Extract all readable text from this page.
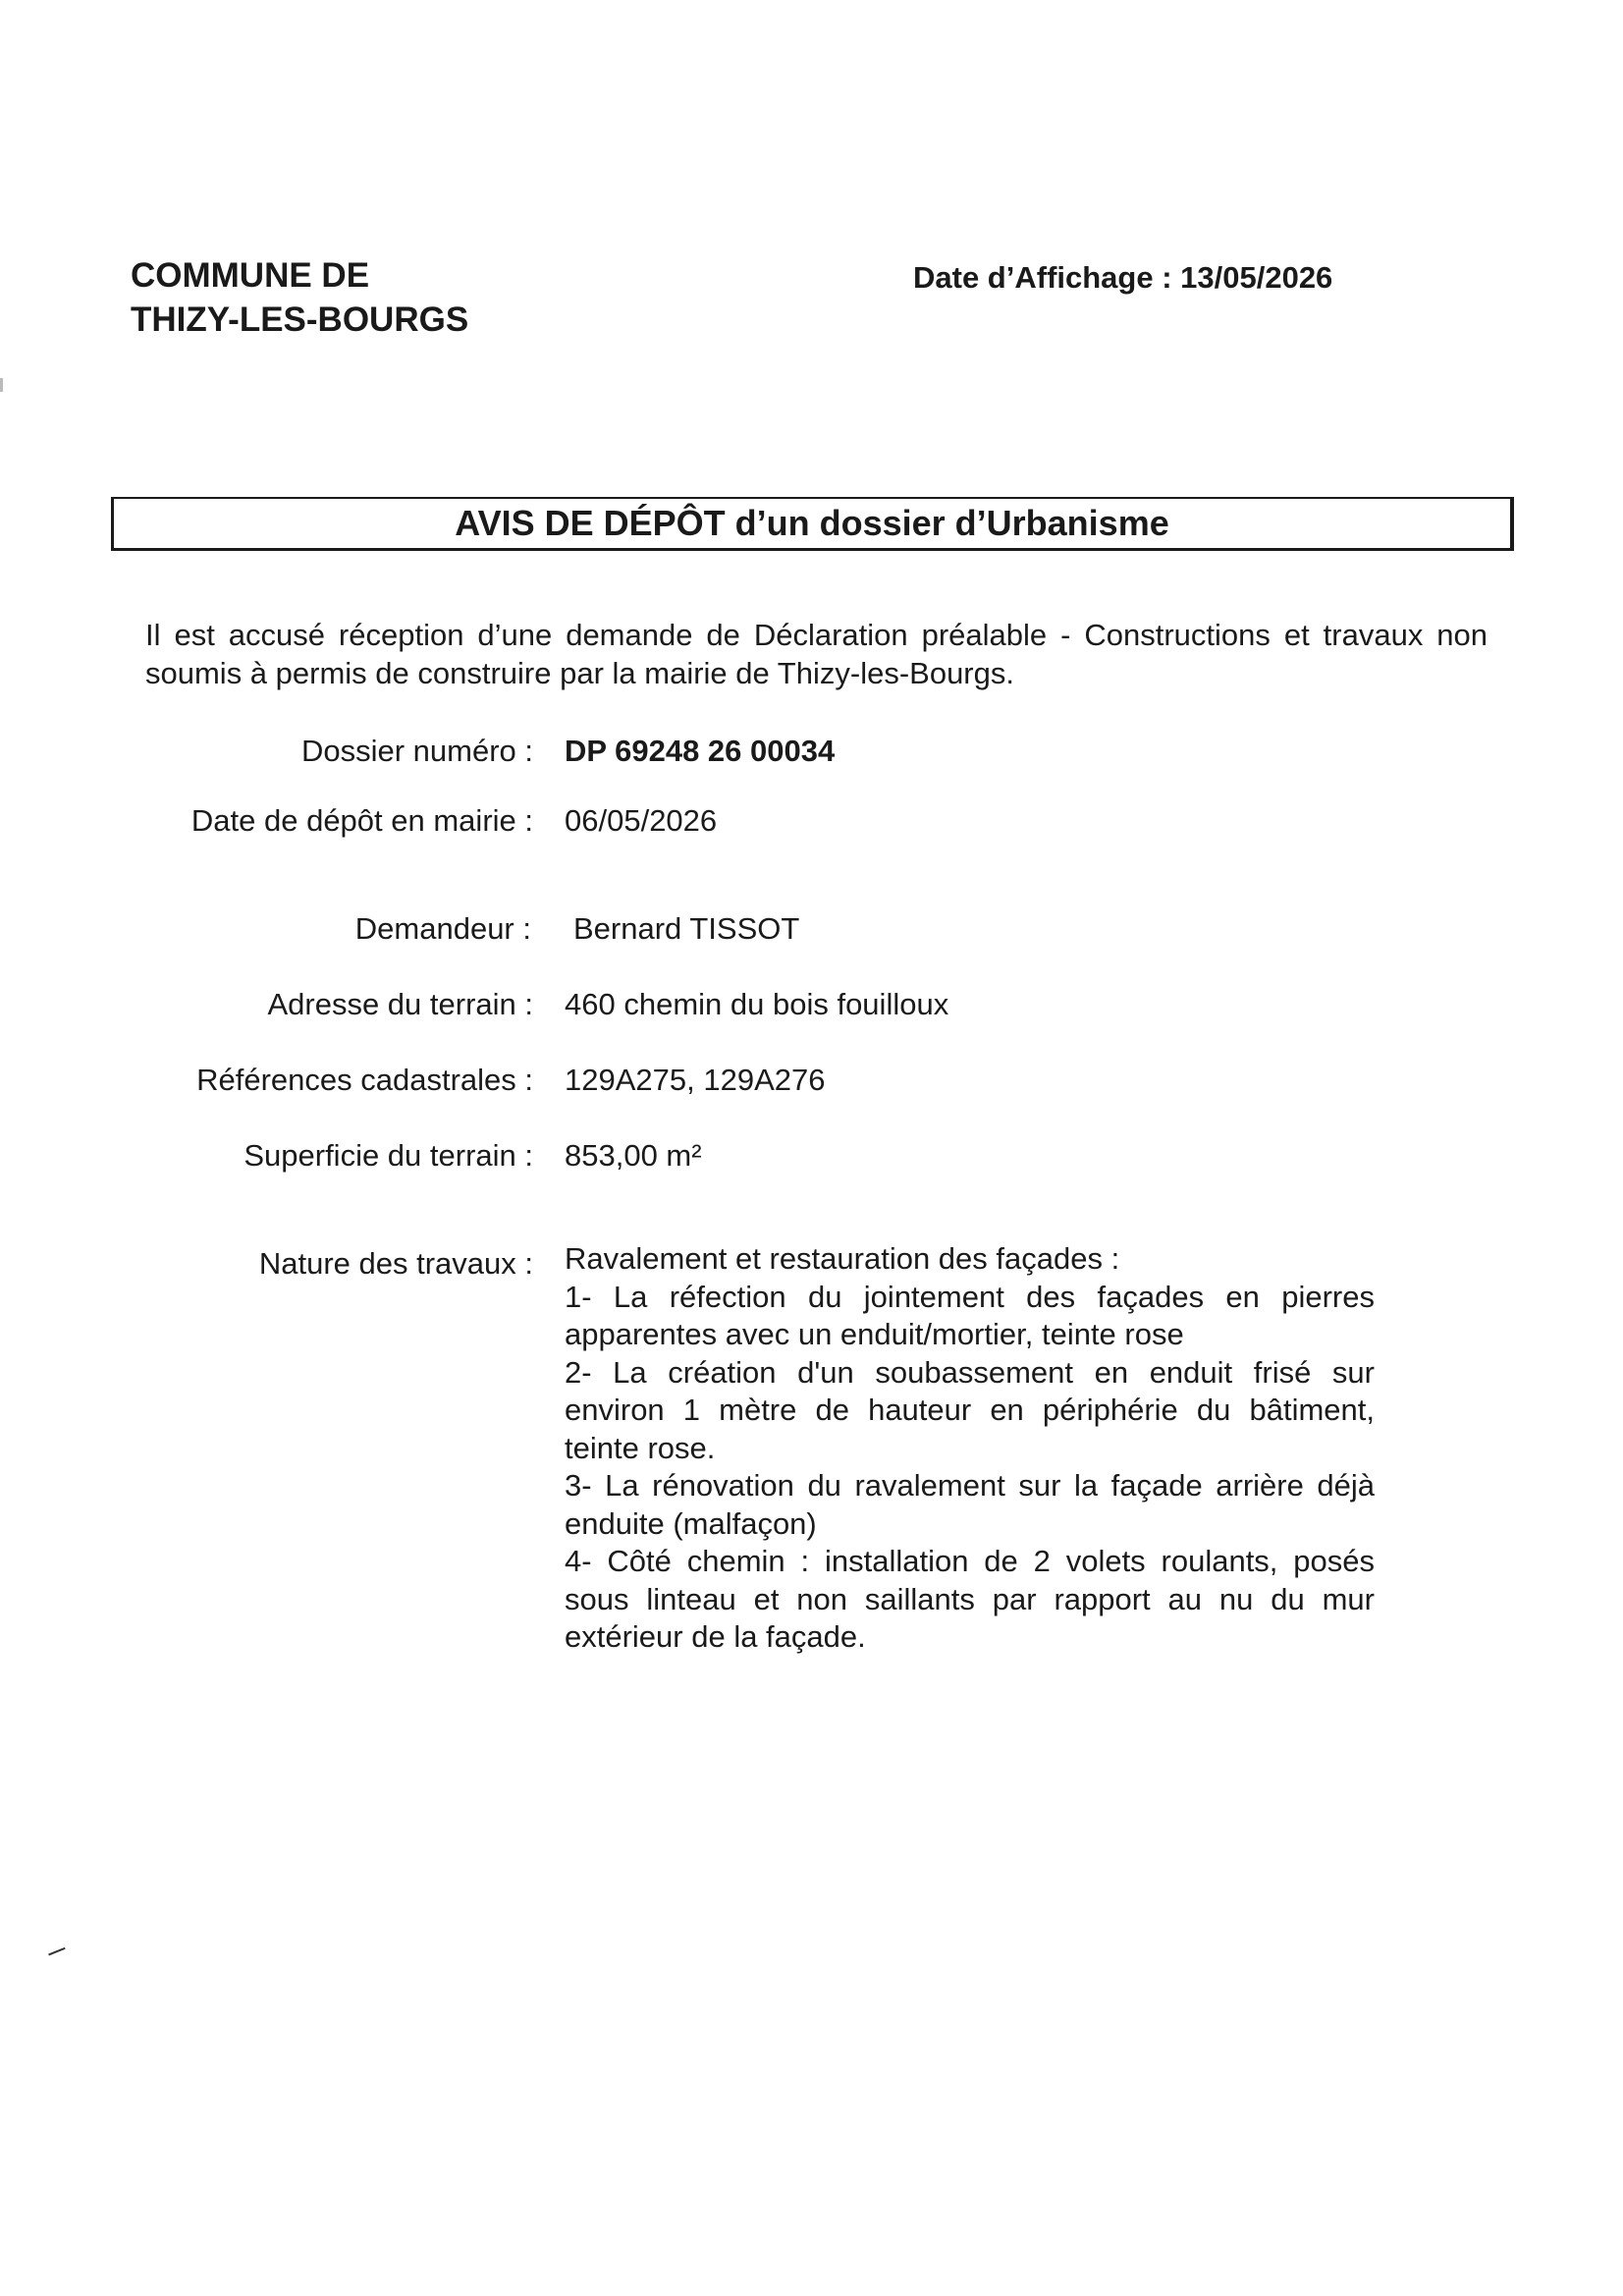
COMMUNE DE
THIZY-LES-BOURGS
Date d’Affichage : 13/05/2026
AVIS DE DÉPÔT d’un dossier d’Urbanisme
Il est accusé réception d’une demande de Déclaration préalable - Constructions et travaux non soumis à permis de construire par la mairie de Thizy-les-Bourgs.
Dossier numéro : DP 69248 26 00034
Date de dépôt en mairie : 06/05/2026
Demandeur : Bernard TISSOT
Adresse du terrain : 460 chemin du bois fouilloux
Références cadastrales : 129A275, 129A276
Superficie du terrain : 853,00 m²
Nature des travaux : Ravalement et restauration des façades :
1- La réfection du jointement des façades en pierres apparentes avec un enduit/mortier, teinte rose
2- La création d'un soubassement en enduit frisé sur environ 1 mètre de hauteur en périphérie du bâtiment, teinte rose.
3- La rénovation du ravalement sur la façade arrière déjà enduite (malfaçon)
4- Côté chemin : installation de 2 volets roulants, posés sous linteau et non saillants par rapport au nu du mur extérieur de la façade.
